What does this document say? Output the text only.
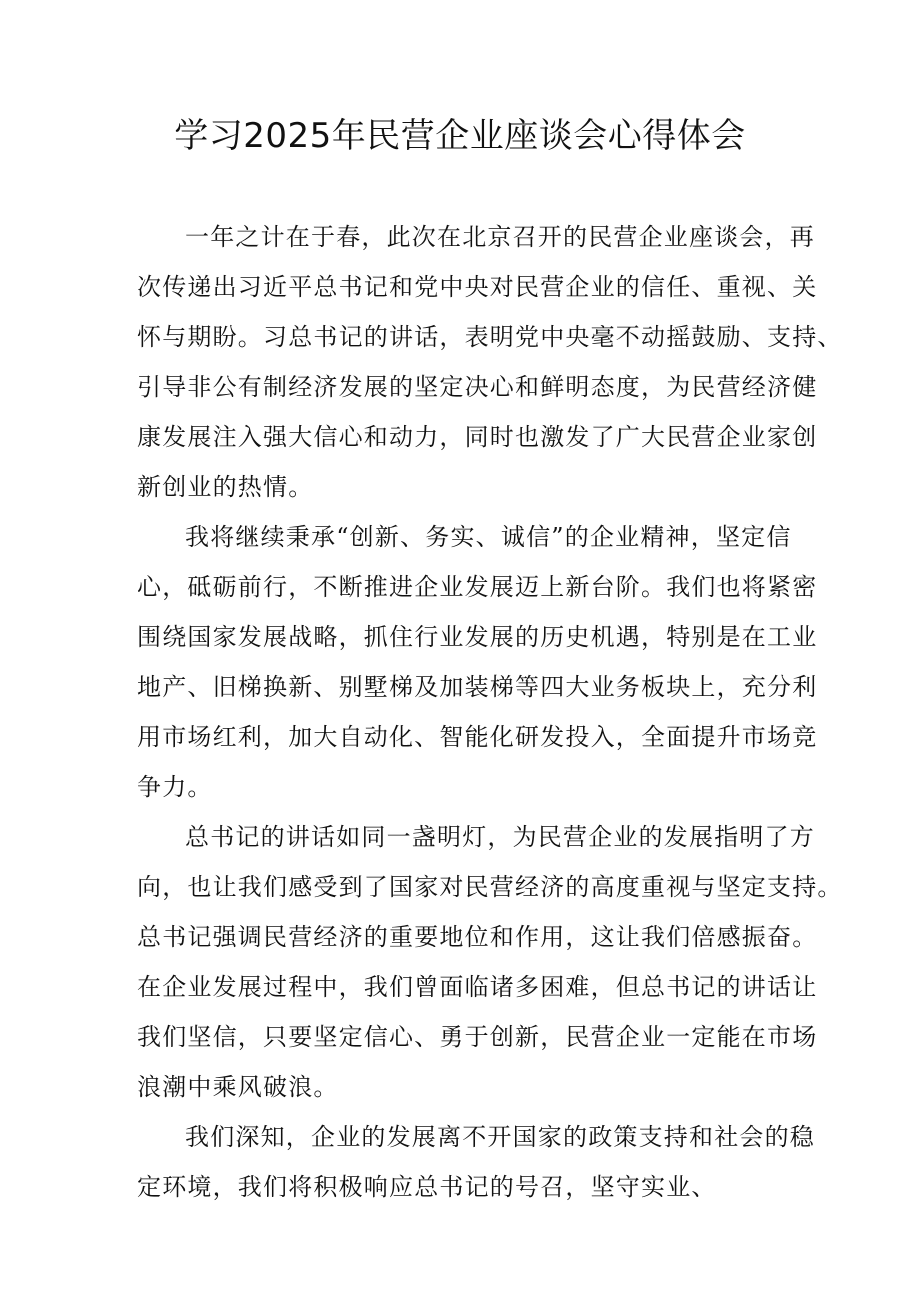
学习2025年民营企业座谈会心得体会
一年之计在于春，此次在北京召开的民营企业座谈会，再
次传递出习近平总书记和党中央对民营企业的信任、重视、关
怀与期盼。习总书记的讲话，表明党中央毫不动摇鼓励、支持、
引导非公有制经济发展的坚定决心和鲜明态度，为民营经济健
康发展注入强大信心和动力，同时也激发了广大民营企业家创
新创业的热情。
我将继续秉承“创新、务实、诚信”的企业精神，坚定信
心，砥砺前行，不断推进企业发展迈上新台阶。我们也将紧密
围绕国家发展战略，抓住行业发展的历史机遇，特别是在工业
地产、旧梯换新、别墅梯及加装梯等四大业务板块上，充分利
用市场红利，加大自动化、智能化研发投入，全面提升市场竞
争力。
总书记的讲话如同一盏明灯，为民营企业的发展指明了方
向，也让我们感受到了国家对民营经济的高度重视与坚定支持。
总书记强调民营经济的重要地位和作用，这让我们倍感振奋。
在企业发展过程中，我们曾面临诸多困难，但总书记的讲话让
我们坚信，只要坚定信心、勇于创新，民营企业一定能在市场
浪潮中乘风破浪。
我们深知，企业的发展离不开国家的政策支持和社会的稳
定环境，我们将积极响应总书记的号召，坚守实业、
